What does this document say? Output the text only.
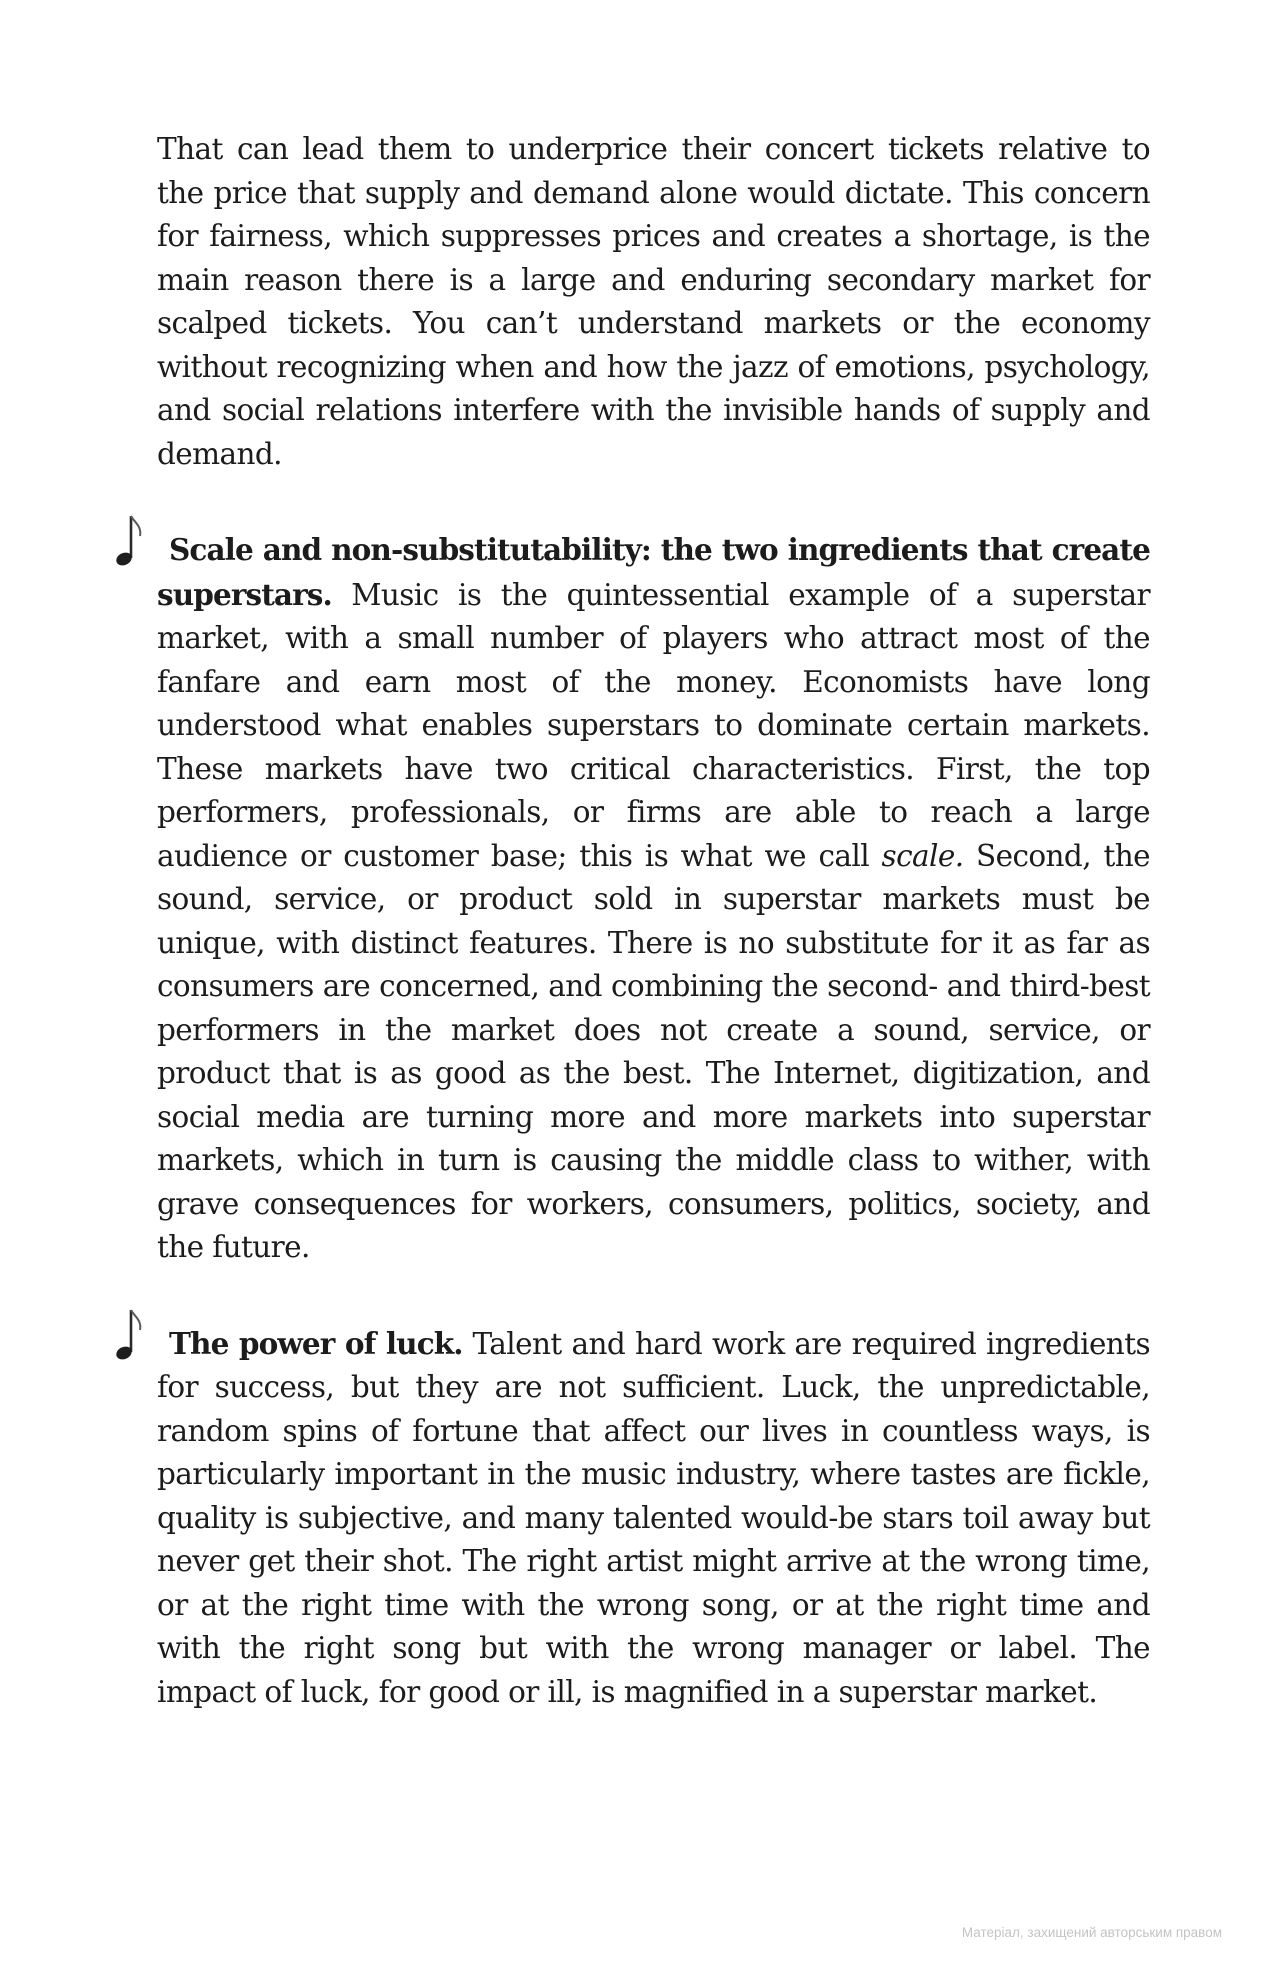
That can lead them to underprice their concert tickets relative to the price that supply and demand alone would dictate. This concern for fairness, which suppresses prices and creates a shortage, is the main reason there is a large and enduring secondary market for scalped tickets. You can’t understand markets or the economy without recognizing when and how the jazz of emotions, psychology, and social relations interfere with the invisible hands of supply and demand.

Scale and non-substitutability: the two ingredients that create superstars. Music is the quintessential example of a superstar market, with a small number of players who attract most of the fanfare and earn most of the money. Economists have long understood what enables superstars to dominate certain markets. These markets have two critical characteristics. First, the top performers, professionals, or firms are able to reach a large audience or customer base; this is what we call scale. Second, the sound, service, or product sold in superstar markets must be unique, with distinct features. There is no substitute for it as far as consumers are concerned, and combining the second- and third-best performers in the market does not create a sound, service, or product that is as good as the best. The Internet, digitization, and social media are turning more and more markets into superstar markets, which in turn is causing the middle class to wither, with grave consequences for workers, consumers, politics, society, and the future.

The power of luck. Talent and hard work are required ingredients for success, but they are not sufficient. Luck, the unpredictable, random spins of fortune that affect our lives in countless ways, is particularly important in the music industry, where tastes are fickle, quality is subjective, and many talented would-be stars toil away but never get their shot. The right artist might arrive at the wrong time, or at the right time with the wrong song, or at the right time and with the right song but with the wrong manager or label. The impact of luck, for good or ill, is magnified in a superstar market.

Матеріал, захищений авторським правом
